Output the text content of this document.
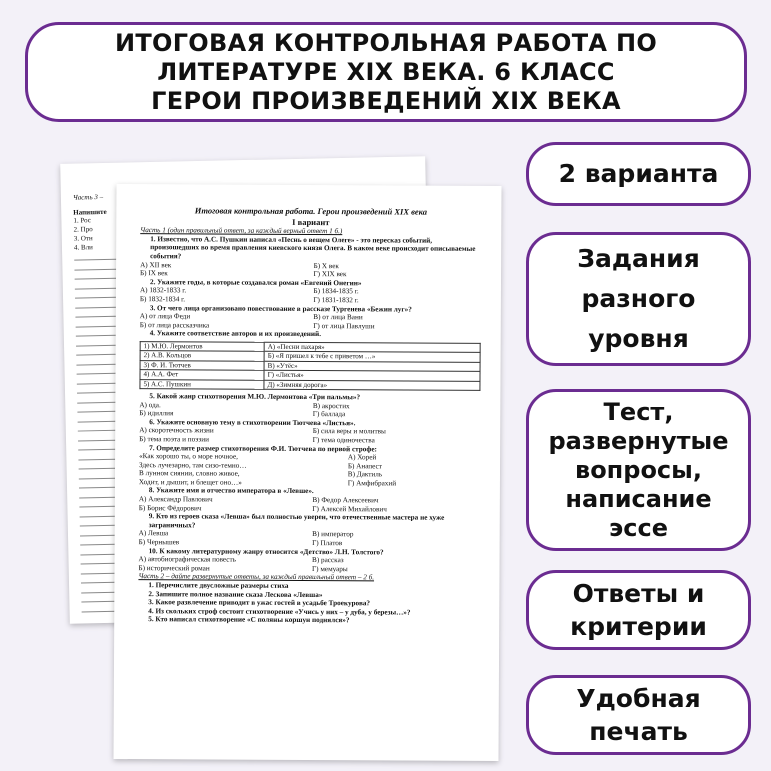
ИТОГОВАЯ КОНТРОЛЬНАЯ РАБОТА ПО ЛИТЕРАТУРЕ XIX ВЕКА. 6 КЛАСС
ГЕРОИ ПРОИЗВЕДЕНИЙ XIX ВЕКА
Часть 3 –
Напишите
1. Рос
2. Про
3. Отн
4. Вли
Итоговая контрольная работа. Герои произведений XIX века
I вариант
Часть 1 (один правильный ответ, за каждый верный ответ 1 б.)
1. Известно, что А.С. Пушкин написал «Песнь о вещем Олеге» - это пересказ событий, произошедших во время правления киевского князя Олега. В каком веке происходит описываемые события?
А) XII век	Б) X век
Б) IX век	Г) XIX век
2. Укажите годы, в которые создавался роман «Евгений Онегин»
А) 1832-1833 г.	Б) 1834-1835 г.
Б) 1832-1834 г.	Г) 1831-1832 г.
3. От чего лица организовано повествование в рассказе Тургенева «Бежин луг»?
А) от лица Феди	В) от лица Вани
Б) от лица рассказчика	Г) от лица Павлуши
4. Укажите соответствие авторов и их произведений.
1) М.Ю. Лермонтов	А) «Песни пахаря»
2) А.В. Кольцов	Б) «Я пришел к тебе с приветом …»
3) Ф. И. Тютчев	В) «Утёс»
4) А.А. Фет	Г) «Листья»
5) А.С. Пушкин	Д) «Зимняя дорога»
5. Какой жанр стихотворения М.Ю. Лермонтова «Три пальмы»?
А) ода.	В) акростих
Б) идиллия	Г) баллада
6. Укажите основную тему в стихотворении Тютчева «Листья».
А) скоротечность жизни	Б) сила веры и молитвы
Б) тема поэта и поэзии	Г) тема одиночества
7. Определите размер стихотворения Ф.И. Тютчева по первой строфе:
«Как хорошо ты, о море ночное,	А) Хорей
Здесь лучезарно, там сизо-темно…	Б) Анапест
В лунном сиянии, словно живое,	В) Дактиль
Ходит, и дышит, и блещет оно…»	Г) Амфибрахий
8. Укажите имя и отчество императора в «Левше».
А) Александр Павлович	В) Федор Алексеевич
Б) Борис Фёдорович	Г) Алексей Михайлович
9. Кто из героев сказа «Левша» был полностью уверен, что отечественные мастера не хуже заграничных?
А) Левша	В) император
Б) Чернышев	Г) Платов
10. К какому литературному жанру относится «Детство» Л.Н. Толстого?
А) автобиографическая повесть	В) рассказ
Б) исторический роман	Г) мемуары
Часть 2 – дайте развернутые ответы, за каждый правильный ответ – 2 б.
1. Перечислите двусложные размеры стиха
2. Запишите полное название сказа Лескова «Левша»
3. Какое развлечение приводит в ужас гостей в усадьбе Троекурова?
4. Из скольких строф состоит стихотворение «Учись у них – у дуба, у березы…»?
5. Кто написал стихотворение «С поляны коршун поднялся»?
2 варианта
Задания разного уровня
Тест, развернутые вопросы, написание эссе
Ответы и критерии
Удобная печать
